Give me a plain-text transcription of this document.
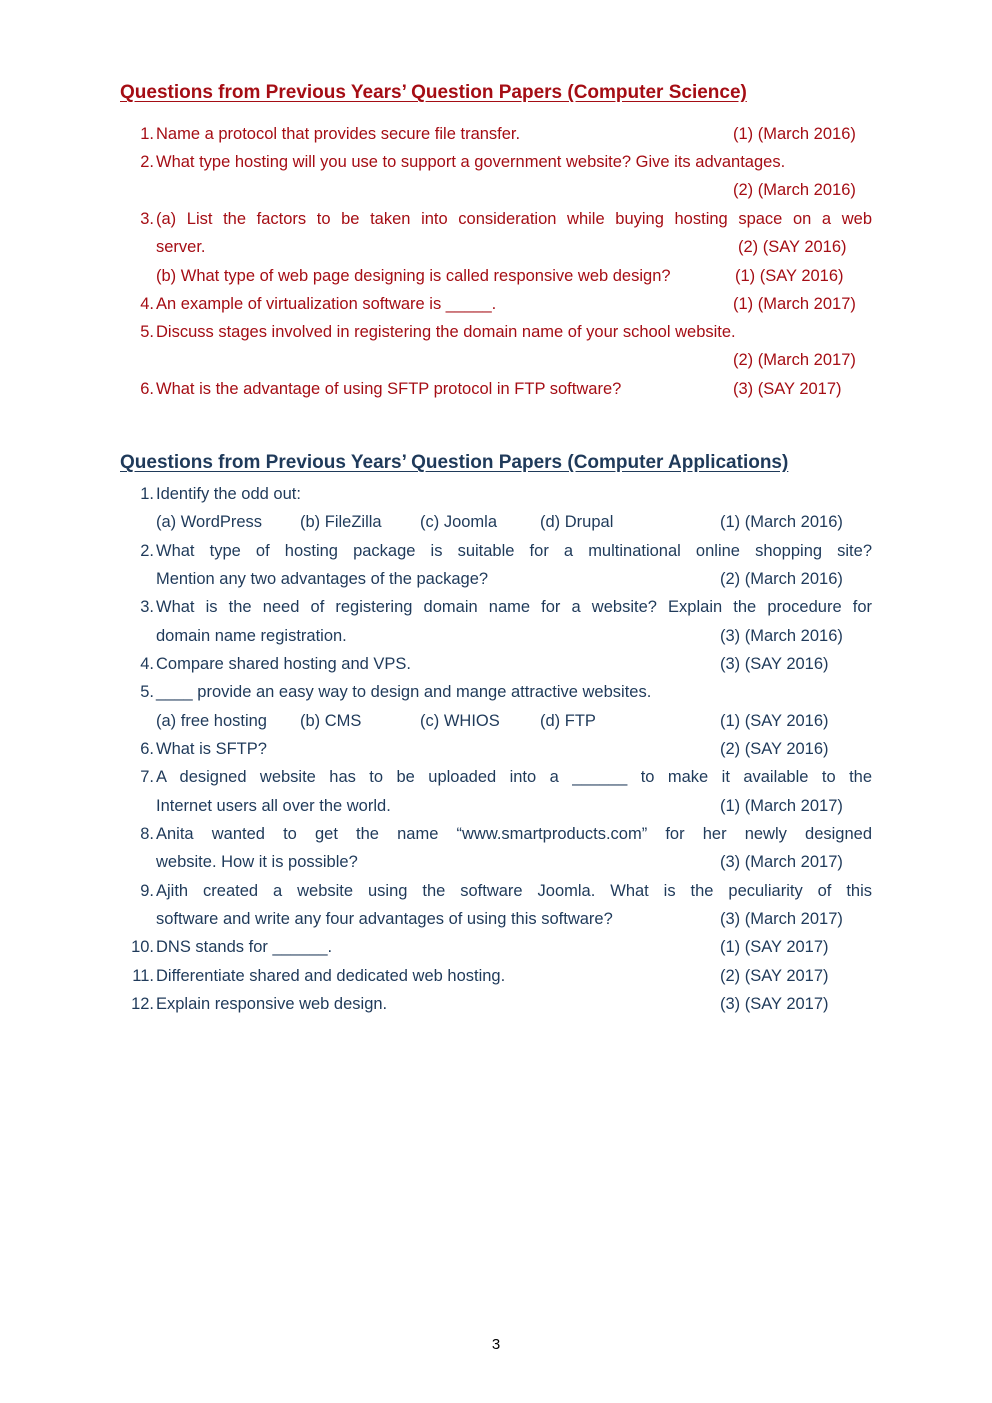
Questions from Previous Years’ Question Papers (Computer Science)
1. Name a protocol that provides secure file transfer.	(1) (March 2016)
2. What type hosting will you use to support a government website? Give its advantages.
(2) (March 2016)
3. (a) List the factors to be taken into consideration while buying hosting space on a web
server.	(2) (SAY 2016)
(b) What type of web page designing is called responsive web design?	(1) (SAY 2016)
4. An example of virtualization software is _____.	(1) (March 2017)
5. Discuss stages involved in registering the domain name of your school website.
(2) (March 2017)
6. What is the advantage of using SFTP protocol in FTP software?	(3) (SAY 2017)
Questions from Previous Years’ Question Papers (Computer Applications)
1. Identify the odd out:
(a) WordPress (b) FileZilla (c) Joomla	(d) Drupal	(1) (March 2016)
2. What type of hosting package is suitable for a multinational online shopping site?
Mention any two advantages of the package?	(2) (March 2016)
3. What is the need of registering domain name for a website? Explain the procedure for
domain name registration.	(3) (March 2016)
4. Compare shared hosting and VPS.	(3) (SAY 2016)
5. ____ provide an easy way to design and mange attractive websites.
(a) free hosting (b) CMS	(c) WHIOS (d) FTP	(1) (SAY 2016)
6. What is SFTP?	(2) (SAY 2016)
7. A designed website has to be uploaded into a ______ to make it available to the
Internet users all over the world.	(1) (March 2017)
8. Anita wanted to get the name “www.smartproducts.com” for her newly designed
website. How it is possible?	(3) (March 2017)
9. Ajith created a website using the software Joomla. What is the peculiarity of this
software and write any four advantages of using this software?	(3) (March 2017)
10. DNS stands for ______.	(1) (SAY 2017)
11. Differentiate shared and dedicated web hosting.	(2) (SAY 2017)
12. Explain responsive web design.	(3) (SAY 2017)
3
